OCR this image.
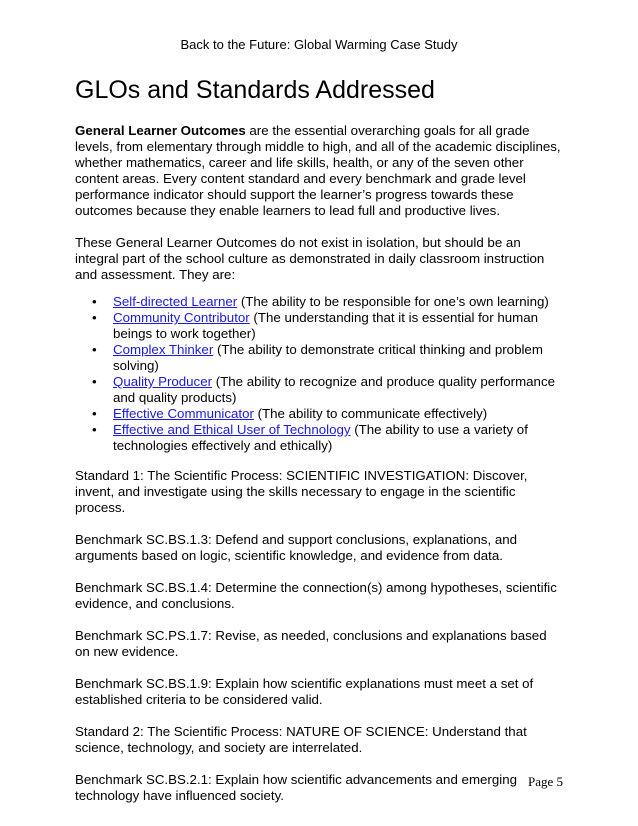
Back to the Future: Global Warming Case Study
GLOs and Standards Addressed

General Learner Outcomes are the essential overarching goals for all grade levels, from elementary through middle to high, and all of the academic disciplines, whether mathematics, career and life skills, health, or any of the seven other content areas. Every content standard and every benchmark and grade level performance indicator should support the learner’s progress towards these outcomes because they enable learners to lead full and productive lives.

These General Learner Outcomes do not exist in isolation, but should be an integral part of the school culture as demonstrated in daily classroom instruction and assessment. They are:

• Self-directed Learner (The ability to be responsible for one’s own learning)
• Community Contributor (The understanding that it is essential for human beings to work together)
• Complex Thinker (The ability to demonstrate critical thinking and problem solving)
• Quality Producer (The ability to recognize and produce quality performance and quality products)
• Effective Communicator (The ability to communicate effectively)
• Effective and Ethical User of Technology (The ability to use a variety of technologies effectively and ethically)

Standard 1: The Scientific Process: SCIENTIFIC INVESTIGATION: Discover, invent, and investigate using the skills necessary to engage in the scientific process.

Benchmark SC.BS.1.3: Defend and support conclusions, explanations, and arguments based on logic, scientific knowledge, and evidence from data.

Benchmark SC.BS.1.4: Determine the connection(s) among hypotheses, scientific evidence, and conclusions.

Benchmark SC.PS.1.7: Revise, as needed, conclusions and explanations based on new evidence.

Benchmark SC.BS.1.9: Explain how scientific explanations must meet a set of established criteria to be considered valid.

Standard 2: The Scientific Process: NATURE OF SCIENCE: Understand that science, technology, and society are interrelated.

Benchmark SC.BS.2.1: Explain how scientific advancements and emerging technology have influenced society.

Page 5
